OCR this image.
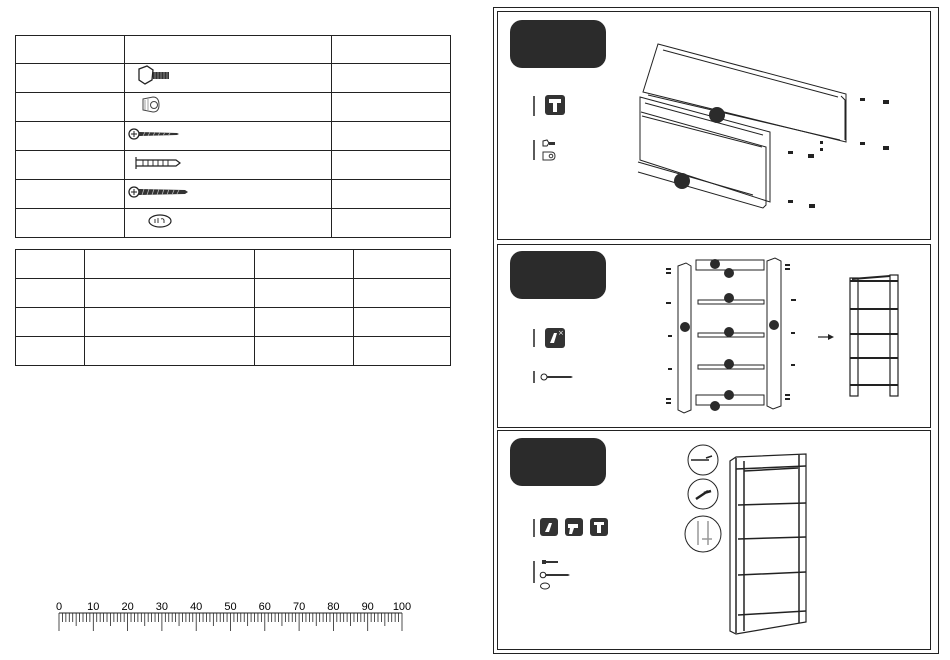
0 10 20 30 40 50 60 70 80 90 100
×
